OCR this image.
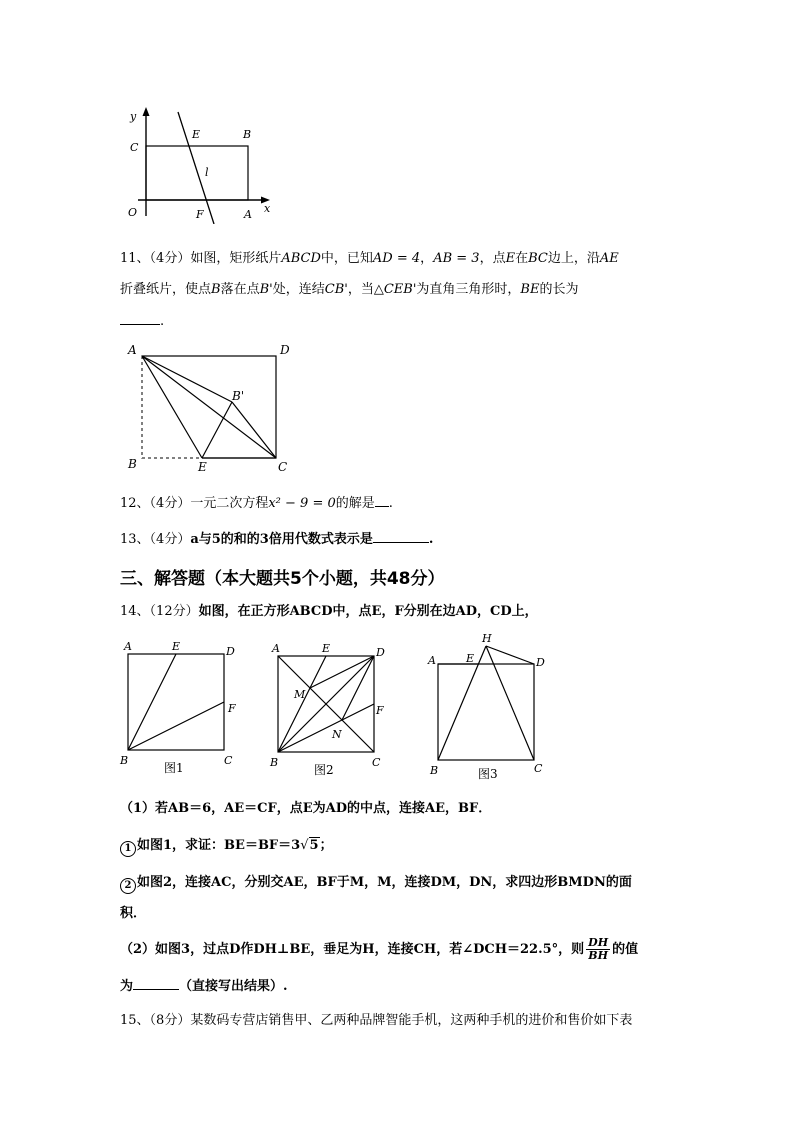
y
x
O
C
E	B
l
F	A
11、（4分）如图，矩形纸片ABCD中，已知AD = 4，AB = 3，点E在BC边上，沿AE
折叠纸片，使点B落在点B'处，连结CB'，当△CEB'为直角三角形时，BE的长为
.
A	D
B'
B	E	C
12、（4分）一元二次方程x² − 9 = 0的解是 .
13、（4分）a与5的和的3倍用代数式表示是	.
三、解答题（本大题共5个小题，共48分）
14、（12分）如图，在正方形ABCD中，点E，F分别在边AD，CD上，
A	E	D
F
B	C
图1
A	E	D
M
F
N
B	C
图2
H
A	E	D
B	C
图3
（1）若AB＝6，AE＝CF，点E为AD的中点，连接AE，BF．
1 如图1，求证：BE＝BF＝3√5；
2 如图2，连接AC，分别交AE，BF于M，M，连接DM，DN，求四边形BMDN的面
积．
（2）如图3，过点D作DH⊥BE，垂足为H，连接CH，若∠DCH＝22.5°，则 $\frac{DH}{BH}$ 的值
为	（直接写出结果）.
15、（8分）某数码专营店销售甲、乙两种品牌智能手机，这两种手机的进价和售价如下表
